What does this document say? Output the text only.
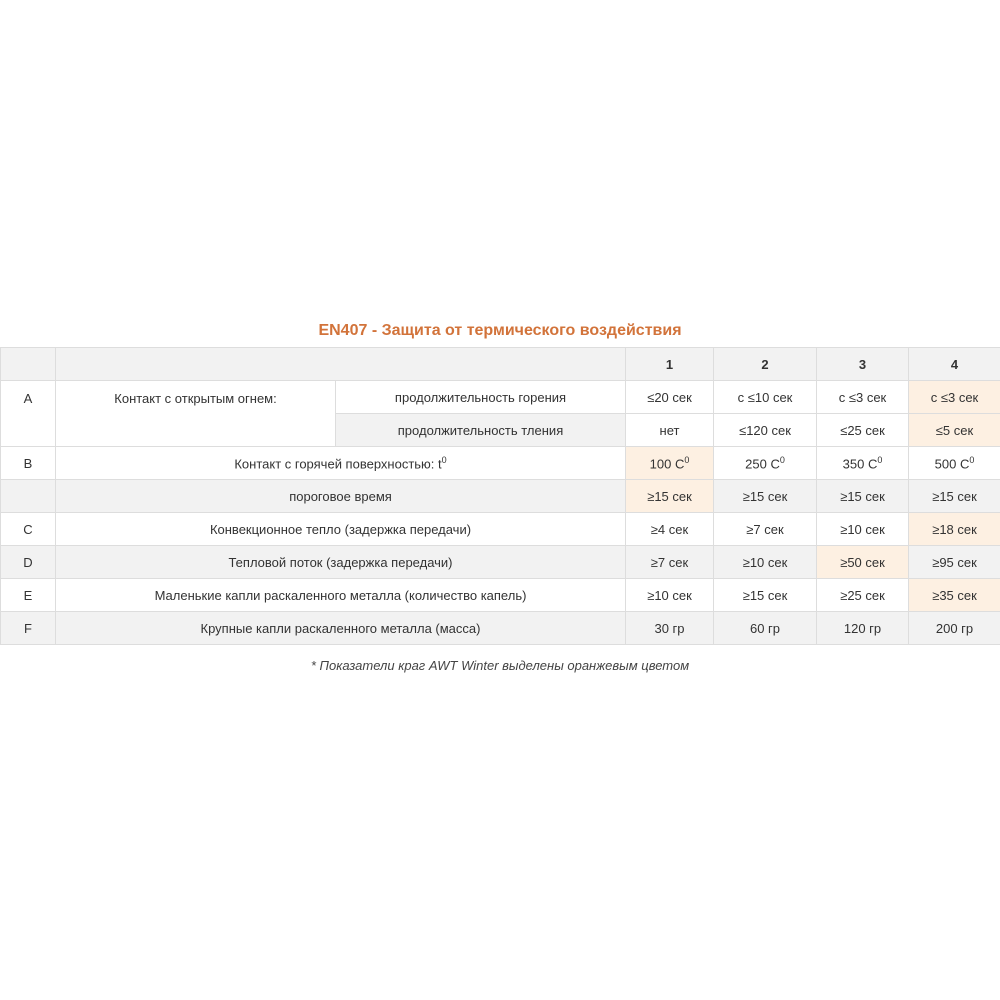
EN407 - Защита от термического воздействия
			1	2	3	4
A	Контакт с открытым огнем:	продолжительность горения	≤20 сек	с ≤10 сек	с ≤3 сек	с ≤3 сек
		продолжительность тления	нет	≤120 сек	≤25 сек	≤5 сек
B	Контакт с горячей поверхностью: $t^0$		100 $С^0$	250 $С^0$	350 $С^0$	500 $С^0$
	пороговое время		≥15 сек	≥15 сек	≥15 сек	≥15 сек
C	Конвекционное тепло (задержка передачи)		≥4 сек	≥7 сек	≥10 сек	≥18 сек
D	Тепловой поток (задержка передачи)		≥7 сек	≥10 сек	≥50 сек	≥95 сек
E	Маленькие капли раскаленного металла (количество капель)		≥10 сек	≥15 сек	≥25 сек	≥35 сек
F	Крупные капли раскаленного металла (масса)		30 гр	60 гр	120 гр	200 гр
* Показатели краг AWT Winter выделены оранжевым цветом
